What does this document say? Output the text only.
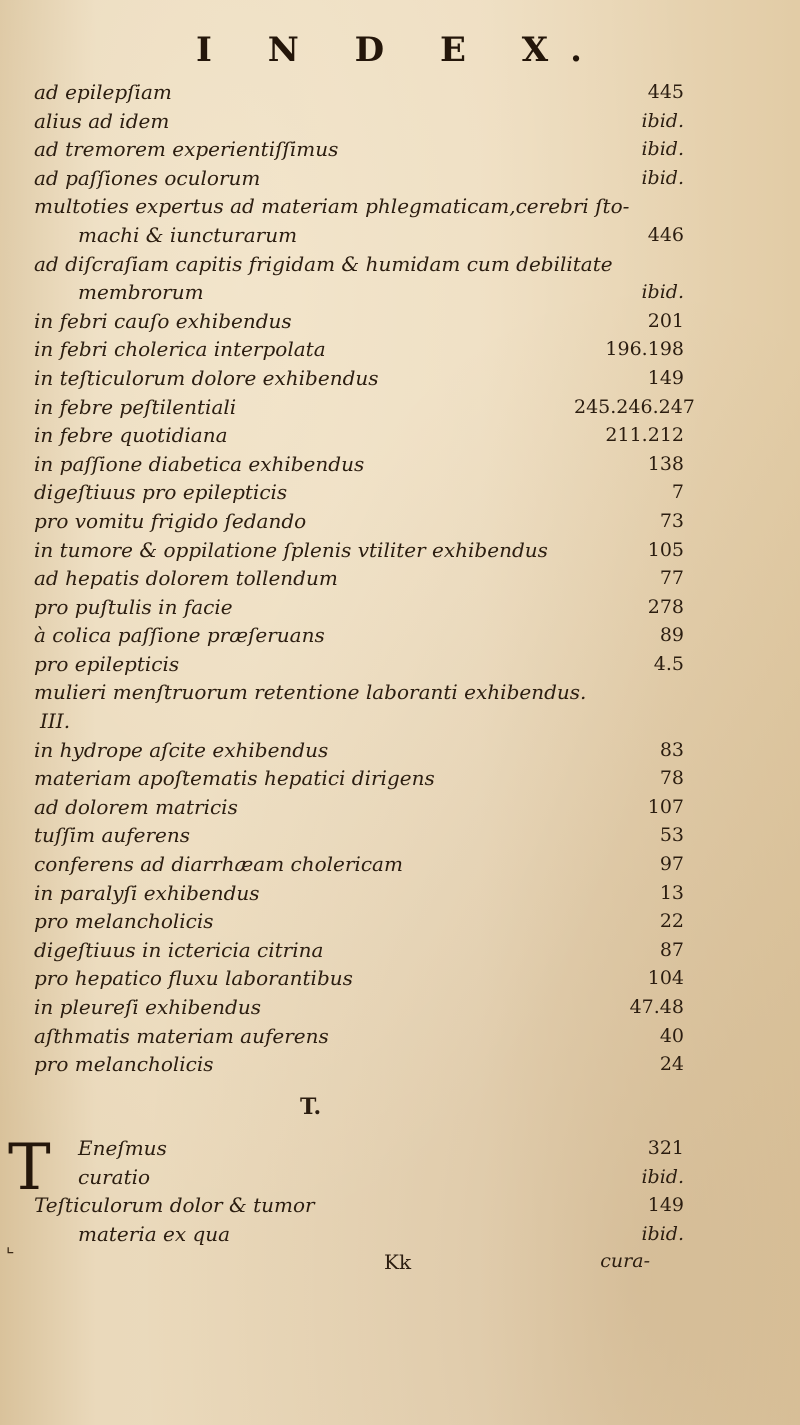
I N D E X.
ad epilepſiam	445
alius ad idem	ibid.
ad tremorem experientiſſimus	ibid.
ad paſſiones oculorum	ibid.
multoties expertus ad materiam phlegmaticam,cerebri ſto-
machi & iuncturarum	446
ad diſcraſiam capitis frigidam & humidam cum debilitate
membrorum	ibid.
in febri cauſo exhibendus	201
in febri cholerica interpolata	196.198
in teſticulorum dolore exhibendus	149
in febre peſtilentiali	245.246.247
in febre quotidiana	211.212
in paſſione diabetica exhibendus	138
digeſtiuus pro epilepticis	7
pro vomitu frigido ſedando	73
in tumore & oppilatione ſplenis vtiliter exhibendus	105
ad hepatis dolorem tollendum	77
pro puſtulis in facie	278
à colica paſſione præſeruans	89
pro epilepticis	4.5
mulieri menſtruorum retentione laboranti exhibendus.
III.
in hydrope aſcite exhibendus	83
materiam apoſtematis hepatici dirigens	78
ad dolorem matricis	107
tuſſim auferens	53
conferens ad diarrhæam cholericam	97
in paralyſi exhibendus	13
pro melancholicis	22
digeſtiuus in ictericia citrina	87
pro hepatico fluxu laborantibus	104
in pleureſi exhibendus	47.48
aſthmatis materiam auferens	40
pro melancholicis	24
T.
T	Eneſmus	321
curatio	ibid.
Teſticulorum dolor & tumor	149
materia ex qua	ibid.
Kk	cura-
⌞
